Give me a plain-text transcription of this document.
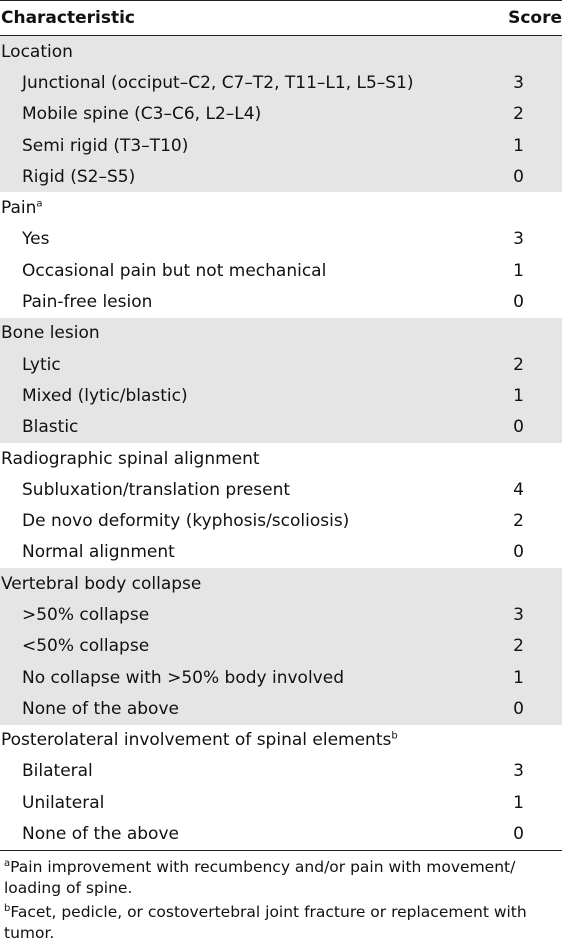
Characteristic	Score
Location
Junctional (occiput–C2, C7–T2, T11–L1, L5–S1)	3
Mobile spine (C3–C6, L2–L4)	2
Semi rigid (T3–T10)	1
Rigid (S2–S5)	0
Pain$^a$
Yes	3
Occasional pain but not mechanical	1
Pain-free lesion	0
Bone lesion
Lytic	2
Mixed (lytic/blastic)	1
Blastic	0
Radiographic spinal alignment
Subluxation/translation present	4
De novo deformity (kyphosis/scoliosis)	2
Normal alignment	0
Vertebral body collapse
>50% collapse	3
<50% collapse	2
No collapse with >50% body involved	1
None of the above	0
Posterolateral involvement of spinal elements$^b$
Bilateral	3
Unilateral	1
None of the above	0
$^a$Pain improvement with recumbency and/or pain with movement/
loading of spine.
$^b$Facet, pedicle, or costovertebral joint fracture or replacement with
tumor.
